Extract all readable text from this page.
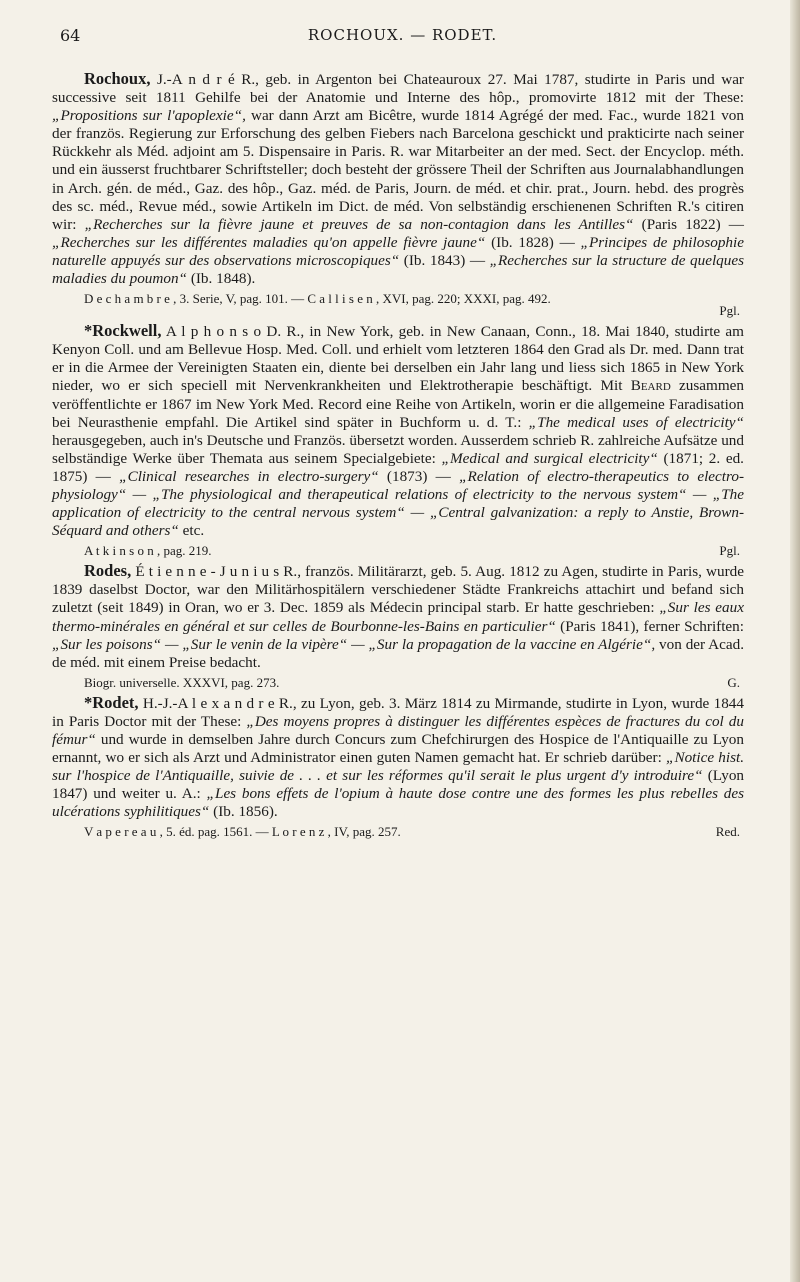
64	ROCHOUX. — RODET.

Rochoux, J.-A n d r é R., geb. in Argenton bei Chateauroux 27. Mai 1787, studirte in Paris und war successive seit 1811 Gehilfe bei der Anatomie und Interne des hôp., promovirte 1812 mit der These: „Propositions sur l'apoplexie“, war dann Arzt am Bicêtre, wurde 1814 Agrégé der med. Fac., wurde 1821 von der französ. Regierung zur Erforschung des gelben Fiebers nach Barcelona geschickt und prakticirte nach seiner Rückkehr als Méd. adjoint am 5. Dispensaire in Paris. R. war Mitarbeiter an der med. Sect. der Encyclop. méth. und ein äusserst fruchtbarer Schriftsteller; doch besteht der grössere Theil der Schriften aus Journalabhandlungen in Arch. gén. de méd., Gaz. des hôp., Gaz. méd. de Paris, Journ. de méd. et chir. prat., Journ. hebd. des progrès des sc. méd., Revue méd., sowie Artikeln im Dict. de méd. Von selbständig erschienenen Schriften R.'s citiren wir: „Recherches sur la fièvre jaune et preuves de sa non-contagion dans les Antilles“ (Paris 1822) — „Recherches sur les différentes maladies qu'on appelle fièvre jaune“ (Ib. 1828) — „Principes de philosophie naturelle appuyés sur des observations microscopiques“ (Ib. 1843) — „Recherches sur la structure de quelques maladies du poumon“ (Ib. 1848).

D e c h a m b r e , 3. Serie, V, pag. 101. — C a l l i s e n , XVI, pag. 220; XXXI, pag. 492.
Pgl.

*Rockwell, A l p h o n s o D. R., in New York, geb. in New Canaan, Conn., 18. Mai 1840, studirte am Kenyon Coll. und am Bellevue Hosp. Med. Coll. und erhielt vom letzteren 1864 den Grad als Dr. med. Dann trat er in die Armee der Vereinigten Staaten ein, diente bei derselben ein Jahr lang und liess sich 1865 in New York nieder, wo er sich speciell mit Nervenkrankheiten und Elektrotherapie beschäftigt. Mit Beard zusammen veröffentlichte er 1867 im New York Med. Record eine Reihe von Artikeln, worin er die allgemeine Faradisation bei Neurasthenie empfahl. Die Artikel sind später in Buchform u. d. T.: „The medical uses of electricity“ herausgegeben, auch in's Deutsche und Französ. übersetzt worden. Ausserdem schrieb R. zahlreiche Aufsätze und selbständige Werke über Themata aus seinem Specialgebiete: „Medical and surgical electricity“ (1871; 2. ed. 1875) — „Clinical researches in electro-surgery“ (1873) — „Relation of electro-therapeutics to electro-physiology“ — „The physiological and therapeutical relations of electricity to the nervous system“ — „The application of electricity to the central nervous system“ — „Central galvanization: a reply to Anstie, Brown-Séquard and others“ etc.

A t k i n s o n , pag. 219.	Pgl.

Rodes, É t i e n n e - J u n i u s R., französ. Militärarzt, geb. 5. Aug. 1812 zu Agen, studirte in Paris, wurde 1839 daselbst Doctor, war den Militärhospitälern verschiedener Städte Frankreichs attachirt und befand sich zuletzt (seit 1849) in Oran, wo er 3. Dec. 1859 als Médecin principal starb. Er hatte geschrieben: „Sur les eaux thermo-minérales en général et sur celles de Bourbonne-les-Bains en particulier“ (Paris 1841), ferner Schriften: „Sur les poisons“ — „Sur le venin de la vipère“ — „Sur la propagation de la vaccine en Algérie“, von der Acad. de méd. mit einem Preise bedacht.

Biogr. universelle. XXXVI, pag. 273.	G.

*Rodet, H.-J.-A l e x a n d r e R., zu Lyon, geb. 3. März 1814 zu Mirmande, studirte in Lyon, wurde 1844 in Paris Doctor mit der These: „Des moyens propres à distinguer les différentes espèces de fractures du col du fémur“ und wurde in demselben Jahre durch Concurs zum Chefchirurgen des Hospice de l'Antiquaille zu Lyon ernannt, wo er sich als Arzt und Administrator einen guten Namen gemacht hat. Er schrieb darüber: „Notice hist. sur l'hospice de l'Antiquaille, suivie de . . . et sur les réformes qu'il serait le plus urgent d'y introduire“ (Lyon 1847) und weiter u. A.: „Les bons effets de l'opium à haute dose contre une des formes les plus rebelles des ulcérations syphilitiques“ (Ib. 1856).

V a p e r e a u , 5. éd. pag. 1561. — L o r e n z , IV, pag. 257.	Red.
